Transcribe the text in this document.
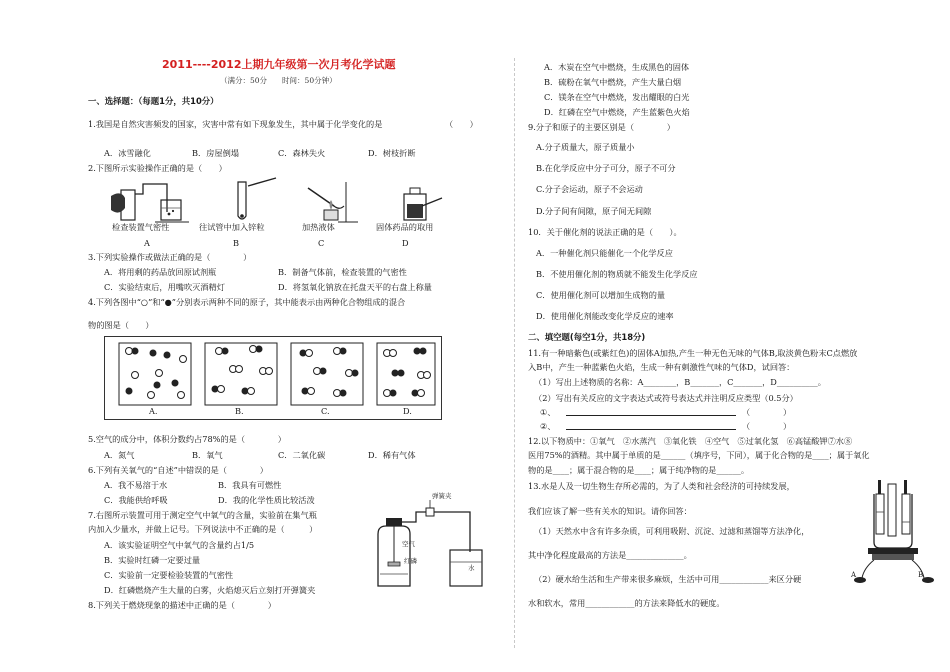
2011----2012上期九年级第一次月考化学试题
（满分：50分　　时间：50分钟）
一、选择题：（每题1分，共10分）
1.我国是自然灾害频发的国家，灾害中常有如下现象发生，其中属于化学变化的是	（　　）
A．冰雪融化	B．房屋倒塌	C．森林失火	D．树枝折断
2.下图所示实验操作正确的是（　　）
检查装置气密性	往试管中加入锌粒	加热液体	固体药品的取用
A	B	C	D
3.下列实验操作或做法正确的是（　　　　）
A．将用剩的药品放回原试剂瓶	B．制备气体前，检查装置的气密性
C．实验结束后，用嘴吹灭酒精灯	D．将氢氧化钠放在托盘天平的右盘上称量
4.下列各图中“○”和“●”分别表示两种不同的原子，其中能表示由两种化合物组成的混合
物的图是（　　）
A.	B.	C.	D.
5.空气的成分中，体积分数约占78%的是（　　　　）
A．氮气	B．氧气	C．二氧化碳	D．稀有气体
6.下列有关氧气的“自述”中错误的是（　　　　）
A．我不易溶于水	B．我具有可燃性
C．我能供给呼吸	D．我的化学性质比较活泼
7.右图所示装置可用于测定空气中氧气的含量，实验前在集气瓶
内加入少量水，并做上记号。下列说法中不正确的是（　　　）
A．该实验证明空气中氧气的含量约占1/5
B．实验时红磷一定要过量
C．实验前一定要检验装置的气密性
D．红磷燃烧产生大量的白雾，火焰熄灭后立刻打开弹簧夹
弹簧夹
空气
红磷
水
8.下列关于燃烧现象的描述中正确的是（　　　　）
A．木炭在空气中燃烧，生成黑色的固体
B．硫粉在氧气中燃烧，产生大量白烟
C．镁条在空气中燃烧，发出耀眼的白光
D．红磷在空气中燃烧，产生蓝紫色火焰
9.分子和原子的主要区别是（　　　　）
A.分子质量大，原子质量小
B.在化学反应中分子可分，原子不可分
C.分子会运动，原子不会运动
D.分子间有间隙，原子间无间隙
10．关于催化剂的说法正确的是（　　）。
A．一种催化剂只能催化一个化学反应
B．不使用催化剂的物质就不能发生化学反应
C．使用催化剂可以增加生成物的量
D．使用催化剂能改变化学反应的速率
二、填空题(每空1分，共18分)
11.有一种暗紫色(或紫红色)的固体A加热,产生一种无色无味的气体B,取淡黄色粉末C点燃放
入B中，产生一种蓝紫色火焰，生成一种有刺激性气味的气体D，试回答：
（1）写出上述物质的名称：A________，B_______，C_______，D__________。
（2）写出有关反应的文字表达式或符号表达式并注明反应类型（0.5分）
①、	（　　　　）
②、	（　　　　）
12.以下物质中：①氧气　②水蒸汽　③氧化铁　④空气　⑤过氧化氢　⑥高锰酸钾⑦水⑧
医用75%的酒精。其中属于单质的是______（填序号，下同），属于化合物的是____；属于氧化
物的是____；属于混合物的是____；属于纯净物的是______。
13.水是人及一切生物生存所必需的，为了人类和社会经济的可持续发展，
我们应该了解一些有关水的知识。请你回答：
（1）天然水中含有许多杂质，可利用吸附、沉淀、过滤和蒸馏等方法净化，
其中净化程度最高的方法是______________。
（2）硬水给生活和生产带来很多麻烦，生活中可用____________来区分硬
水和软水，常用____________的方法来降低水的硬度。
A	B
